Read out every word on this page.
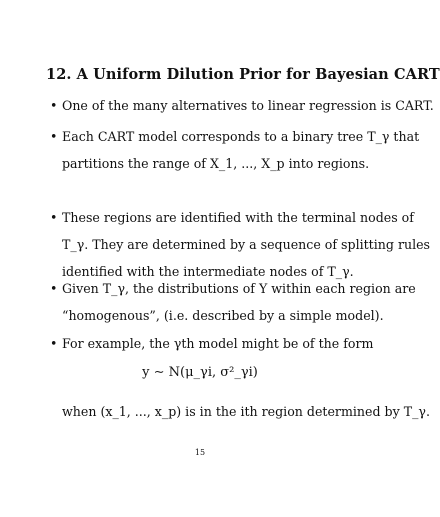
12. A Uniform Dilution Prior for Bayesian CART
• One of the many alternatives to linear regression is CART.
• Each CART model corresponds to a binary tree T_γ that
partitions the range of X_1, ..., X_p into regions.
• These regions are identified with the terminal nodes of
T_γ. They are determined by a sequence of splitting rules
identified with the intermediate nodes of T_γ.
• Given T_γ, the distributions of Y within each region are
“homogenous”, (i.e. described by a simple model).
• For example, the γth model might be of the form
y ∼ N(μ_γi, σ²_γi)
when (x_1, ..., x_p) is in the ith region determined by T_γ.
15
